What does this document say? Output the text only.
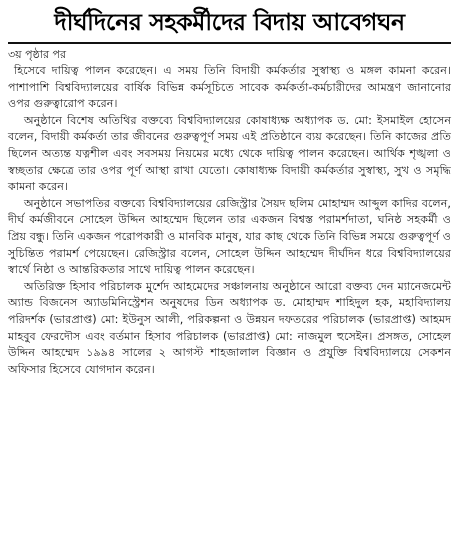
দীর্ঘদিনের সহকর্মীদের বিদায় আবেগঘন
৩য় পৃষ্ঠার পর

হিসেবে দায়িত্ব পালন করেছেন। এ সময় তিনি বিদায়ী কর্মকর্তার সুস্বাস্থ্য ও মঙ্গল কামনা করেন। পাশাপাশি বিশ্ববিদ্যালয়ের বার্ষিক বিভিন্ন কর্মসূচিতে সাবেক কর্মকর্তা-কর্মচারীদের আমন্ত্রণ জানানোর ওপর গুরুত্বারোপ করেন।

অনুষ্ঠানে বিশেষ অতিথির বক্তব্যে বিশ্ববিদ্যালয়ের কোষাধ্যক্ষ অধ্যাপক ড. মো: ইসমাইল হোসেন বলেন, বিদায়ী কর্মকর্তা তার জীবনের গুরুত্বপূর্ণ সময় এই প্রতিষ্ঠানে ব্যয় করেছেন। তিনি কাজের প্রতি ছিলেন অত্যন্ত যত্নশীল এবং সবসময় নিয়মের মধ্যে থেকে দায়িত্ব পালন করেছেন। আর্থিক শৃঙ্খলা ও স্বচ্ছতার ক্ষেত্রে তার ওপর পূর্ণ আস্থা রাখা যেতো। কোষাধ্যক্ষ বিদায়ী কর্মকর্তার সুস্বাস্থ্য, সুখ ও সমৃদ্ধি কামনা করেন।

অনুষ্ঠানে সভাপতির বক্তব্যে বিশ্ববিদ্যালয়ের রেজিস্ট্রার সৈয়দ ছলিম মোহাম্মদ আব্দুল কাদির বলেন, দীর্ঘ কর্মজীবনে সোহেল উদ্দিন আহম্মেদ ছিলেন তার একজন বিশ্বস্ত পরামর্শদাতা, ঘনিষ্ঠ সহকর্মী ও প্রিয় বন্ধু। তিনি একজন পরোপকারী ও মানবিক মানুষ, যার কাছ থেকে তিনি বিভিন্ন সময়ে গুরুত্বপূর্ণ ও সুচিন্তিত পরামর্শ পেয়েছেন। রেজিস্ট্রার বলেন, সোহেল উদ্দিন আহম্মেদ দীর্ঘদিন ধরে বিশ্ববিদ্যালয়ের স্বার্থে নিষ্ঠা ও আন্তরিকতার সাথে দায়িত্ব পালন করেছেন।

অতিরিক্ত হিসাব পরিচালক মুর্শেদ আহমেদের সঞ্চালনায় অনুষ্ঠানে আরো বক্তব্য দেন ম্যানেজমেন্ট অ্যান্ড বিজনেস অ্যাডমিনিস্ট্রেশন অনুষদের ডিন অধ্যাপক ড. মোহাম্মদ শাহিদুল হক, মহাবিদ্যালয় পরিদর্শক (ভারপ্রাপ্ত) মো: ইউনুস আলী, পরিকল্পনা ও উন্নয়ন দফতরের পরিচালক (ভারপ্রাপ্ত) আহমদ মাহবুব ফেরদৌস এবং বর্তমান হিসাব পরিচালক (ভারপ্রাপ্ত) মো: নাজমুল হুসেইন। প্রসঙ্গত, সোহেল উদ্দিন আহম্মেদ ১৯৯৪ সালের ২ আগস্ট শাহজালাল বিজ্ঞান ও প্রযুক্তি বিশ্ববিদ্যালয়ে সেকশন অফিসার হিসেবে যোগদান করেন।
